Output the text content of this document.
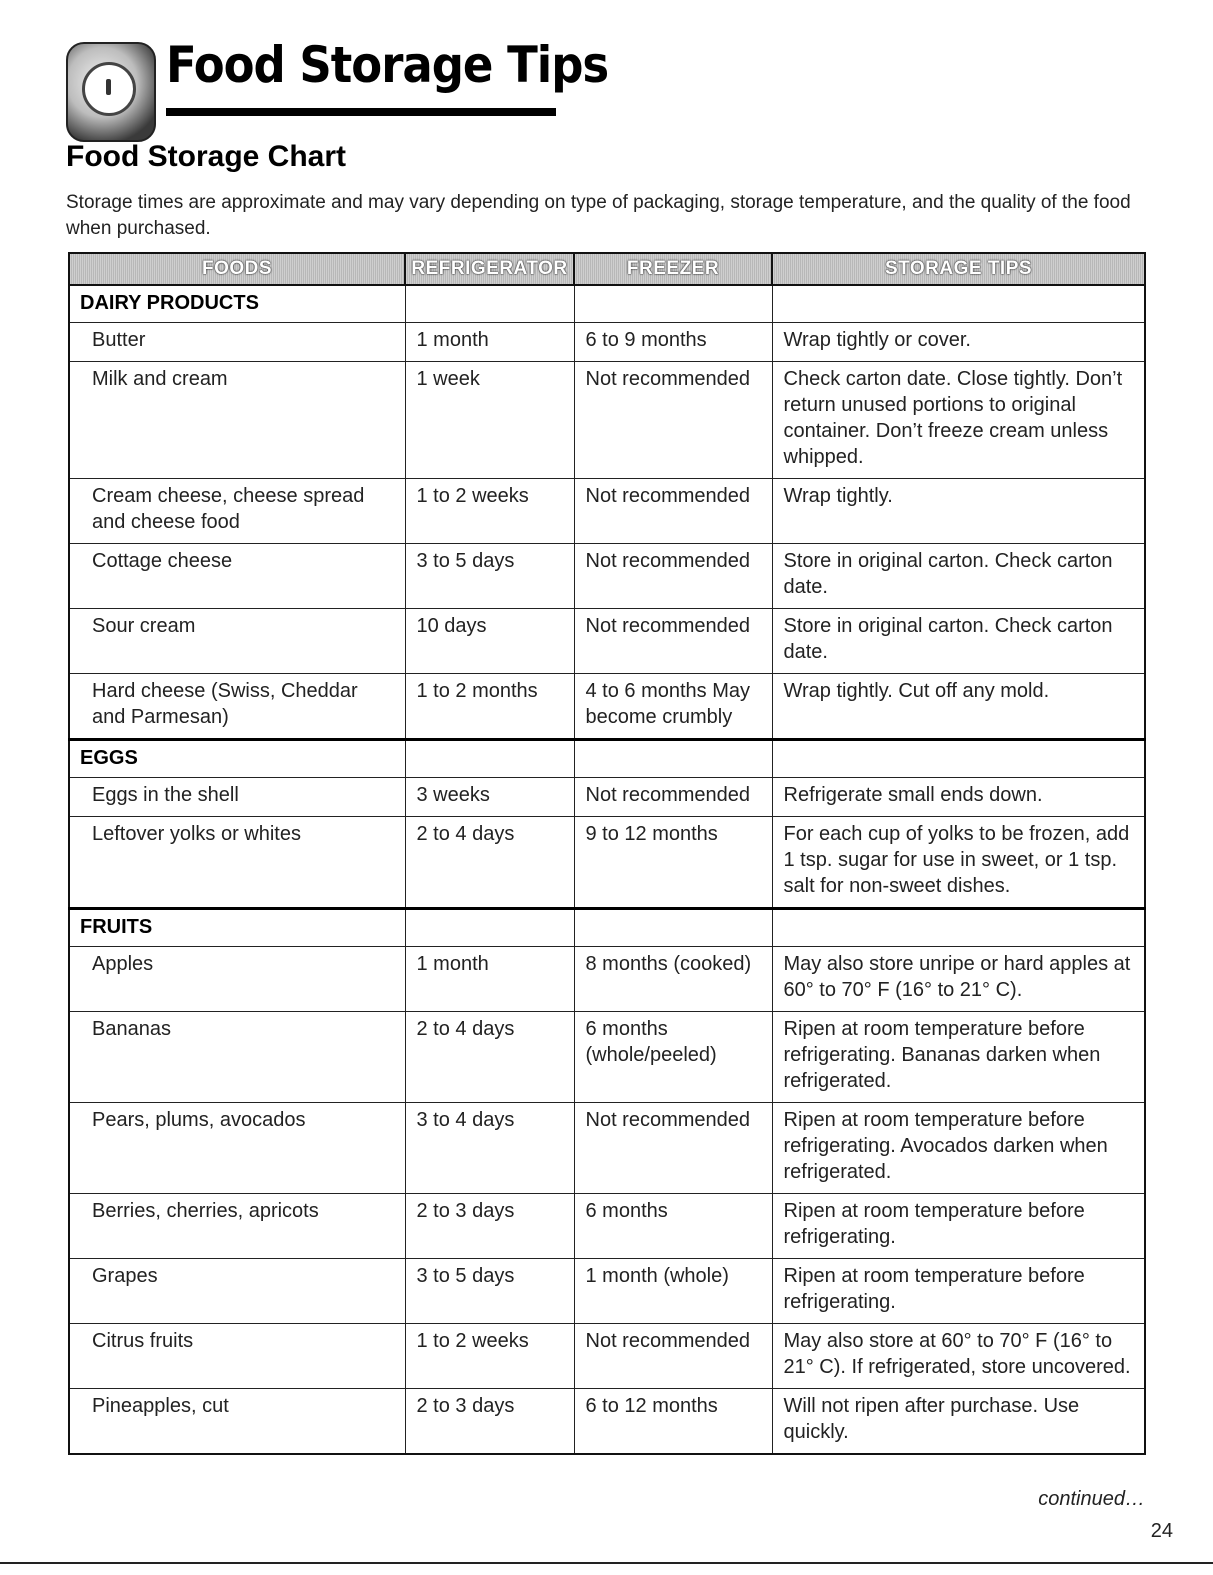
Food Storage Tips
Food Storage Chart
Storage times are approximate and may vary depending on type of packaging, storage temperature, and the quality of the food when purchased.
FOODS	REFRIGERATOR	FREEZER	STORAGE TIPS
DAIRY PRODUCTS			
Butter	1 month	6 to 9 months	Wrap tightly or cover.
Milk and cream	1 week	Not recommended	Check carton date. Close tightly. Don’t return unused portions to original container. Don’t freeze cream unless whipped.
Cream cheese, cheese spread and cheese food	1 to 2 weeks	Not recommended	Wrap tightly.
Cottage cheese	3 to 5 days	Not recommended	Store in original carton. Check carton date.
Sour cream	10 days	Not recommended	Store in original carton. Check carton date.
Hard cheese (Swiss, Cheddar and Parmesan)	1 to 2 months	4 to 6 months May become crumbly	Wrap tightly. Cut off any mold.
EGGS			
Eggs in the shell	3 weeks	Not recommended	Refrigerate small ends down.
Leftover yolks or whites	2 to 4 days	9 to 12 months	For each cup of yolks to be frozen, add 1 tsp. sugar for use in sweet, or 1 tsp. salt for non-sweet dishes.
FRUITS			
Apples	1 month	8 months (cooked)	May also store unripe or hard apples at 60° to 70° F (16° to 21° C).
Bananas	2 to 4 days	6 months (whole/peeled)	Ripen at room temperature before refrigerating. Bananas darken when refrigerated.
Pears, plums, avocados	3 to 4 days	Not recommended	Ripen at room temperature before refrigerating. Avocados darken when refrigerated.
Berries, cherries, apricots	2 to 3 days	6 months	Ripen at room temperature before refrigerating.
Grapes	3 to 5 days	1 month (whole)	Ripen at room temperature before refrigerating.
Citrus fruits	1 to 2 weeks	Not recommended	May also store at 60° to 70° F (16° to 21° C). If refrigerated, store uncovered.
Pineapples, cut	2 to 3 days	6 to 12 months	Will not ripen after purchase. Use quickly.
continued…
24
